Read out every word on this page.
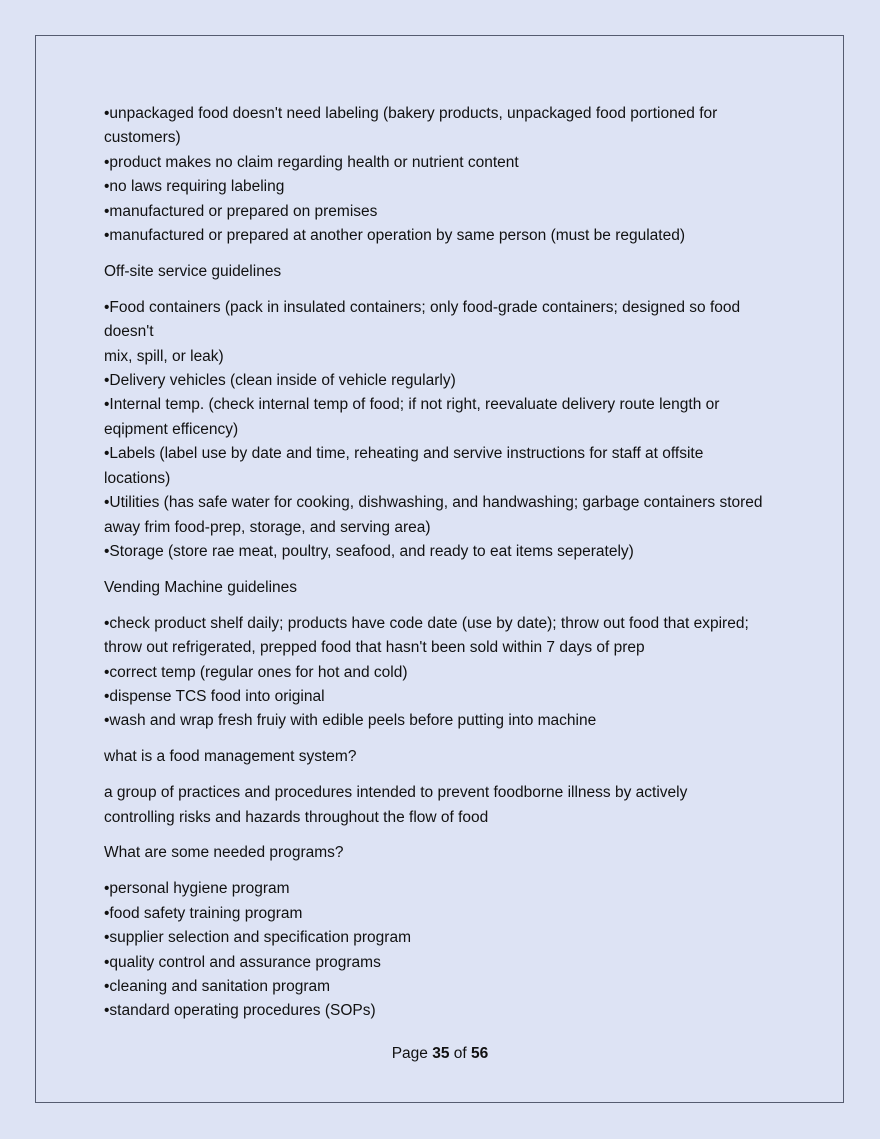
•unpackaged food doesn't need labeling (bakery products, unpackaged food portioned for
customers)
•product makes no claim regarding health or nutrient content
•no laws requiring labeling
•manufactured or prepared on premises
•manufactured or prepared at another operation by same person (must be regulated)
Off-site service guidelines
•Food containers (pack in insulated containers; only food-grade containers; designed so food
doesn't
mix, spill, or leak)
•Delivery vehicles (clean inside of vehicle regularly)
•Internal temp. (check internal temp of food; if not right, reevaluate delivery route length or
eqipment efficency)
•Labels (label use by date and time, reheating and servive instructions for staff at offsite
locations)
•Utilities (has safe water for cooking, dishwashing, and handwashing; garbage containers stored
away frim food-prep, storage, and serving area)
•Storage (store rae meat, poultry, seafood, and ready to eat items seperately)
Vending Machine guidelines
•check product shelf daily; products have code date (use by date); throw out food that expired;
throw out refrigerated, prepped food that hasn't been sold within 7 days of prep
•correct temp (regular ones for hot and cold)
•dispense TCS food into original
•wash and wrap fresh fruiy with edible peels before putting into machine
what is a food management system?
a group of practices and procedures intended to prevent foodborne illness by actively
controlling risks and hazards throughout the flow of food
What are some needed programs?
•personal hygiene program
•food safety training program
•supplier selection and specification program
•quality control and assurance programs
•cleaning and sanitation program
•standard operating procedures (SOPs)
Page 35 of 56
